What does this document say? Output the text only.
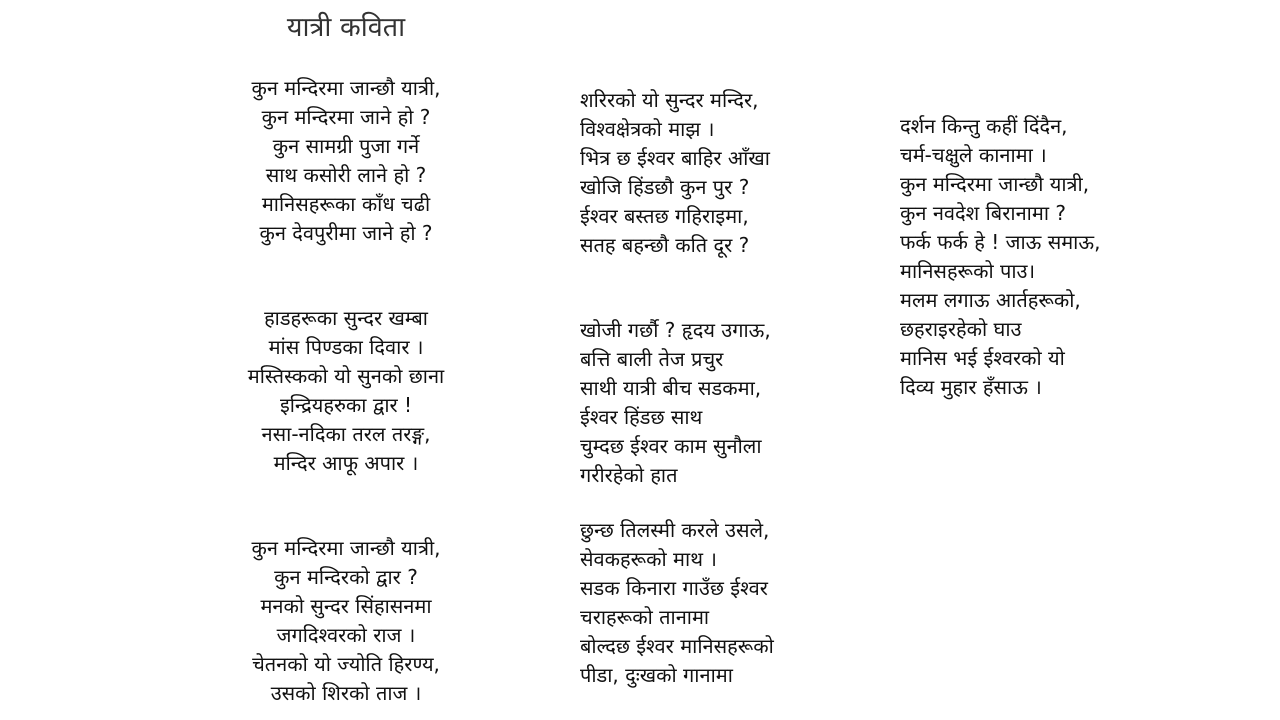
यात्री कविता
कुन मन्दिरमा जान्छौ यात्री,
कुन मन्दिरमा जाने हो ?
कुन सामग्री पुजा गर्ने
साथ कसोरी लाने हो ?
मानिसहरूका काँध चढी
कुन देवपुरीमा जाने हो ?
हाडहरूका सुन्दर खम्बा
मांस पिण्डका दिवार ।
मस्तिस्कको यो सुनको छाना
इन्द्रियहरुका द्वार !
नसा-नदिका तरल तरङ्ग,
मन्दिर आफू अपार ।
कुन मन्दिरमा जान्छौ यात्री,
कुन मन्दिरको द्वार ?
मनको सुन्दर सिंहासनमा
जगदिश्वरको राज ।
चेतनको यो ज्योति हिरण्य,
उसको शिरको ताज ।
शरिरको यो सुन्दर मन्दिर,
विश्वक्षेत्रको माझ ।
भित्र छ ईश्वर बाहिर आँखा
खोजि हिंडछौ कुन पुर ?
ईश्वर बस्तछ गहिराइमा,
सतह बहन्छौ कति दूर ?
खोजी गर्छौ ? हृदय उगाऊ,
बत्ति बाली तेज प्रचुर
साथी यात्री बीच सडकमा,
ईश्वर हिंडछ साथ
चुम्दछ ईश्वर काम सुनौला
गरीरहेको हात
छुन्छ तिलस्मी करले उसले,
सेवकहरूको माथ ।
सडक किनारा गाउँछ ईश्वर
चराहरूको तानामा
बोल्दछ ईश्वर मानिसहरूको
पीडा, दुःखको गानामा
दर्शन किन्तु कहीं दिंदैन,
चर्म-चक्षुले कानामा ।
कुन मन्दिरमा जान्छौ यात्री,
कुन नवदेश बिरानामा ?
फर्क फर्क हे ! जाऊ समाऊ,
मानिसहरूको पाउ।
मलम लगाऊ आर्तहरूको,
छहराइरहेको घाउ
मानिस भई ईश्वरको यो
दिव्य मुहार हँसाऊ ।
